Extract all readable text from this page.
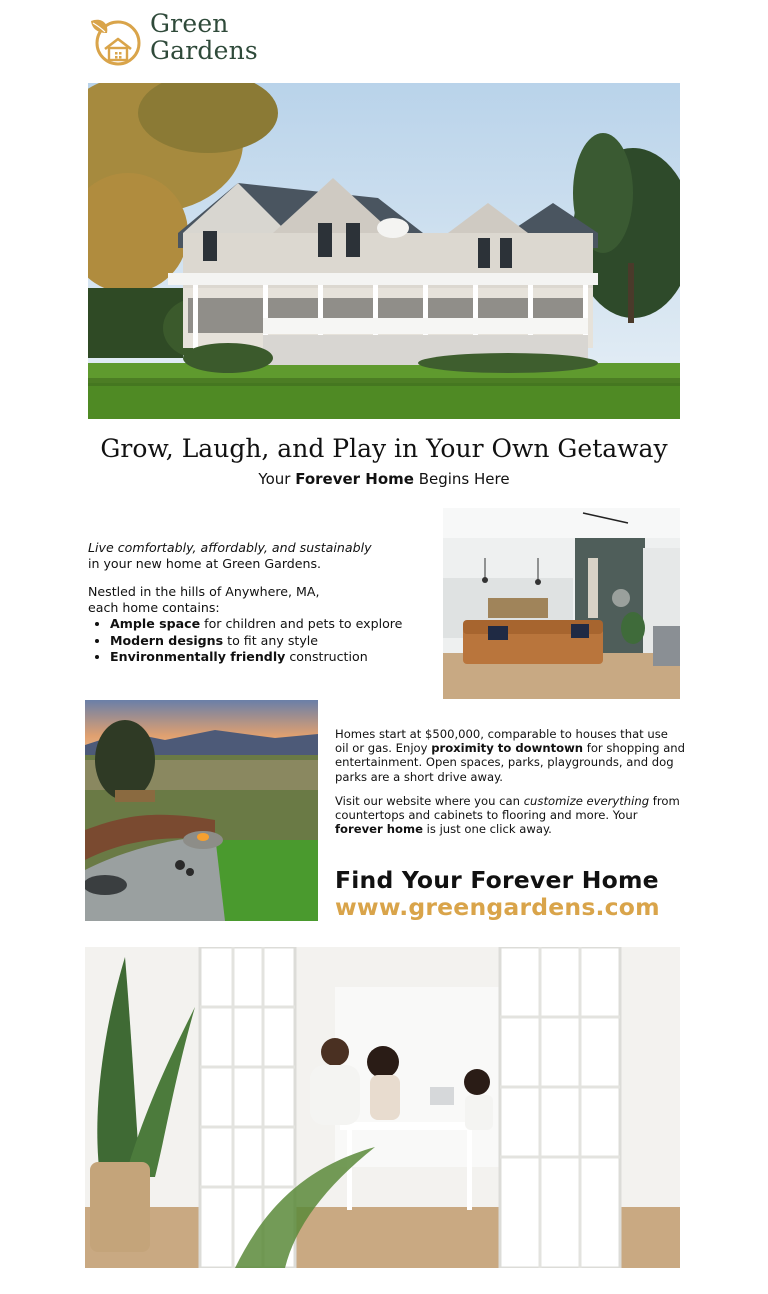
Green
Gardens
Grow, Laugh, and Play in Your Own Getaway
Your Forever Home Begins Here

Live comfortably, affordably, and sustainably

in your new home at Green Gardens.

Nestled in the hills of Anywhere, MA,

each home contains:

• Ample space for children and pets to explore
• Modern designs to fit any style
• Environmentally friendly construction

Homes start at $500,000, comparable to houses that use oil or gas. Enjoy proximity to downtown for shopping and entertainment. Open spaces, parks, playgrounds, and dog parks are a short drive away.

Visit our website where you can customize everything from countertops and cabinets to flooring and more. Your forever home is just one click away.

Find Your Forever Home
www.greengardens.com
